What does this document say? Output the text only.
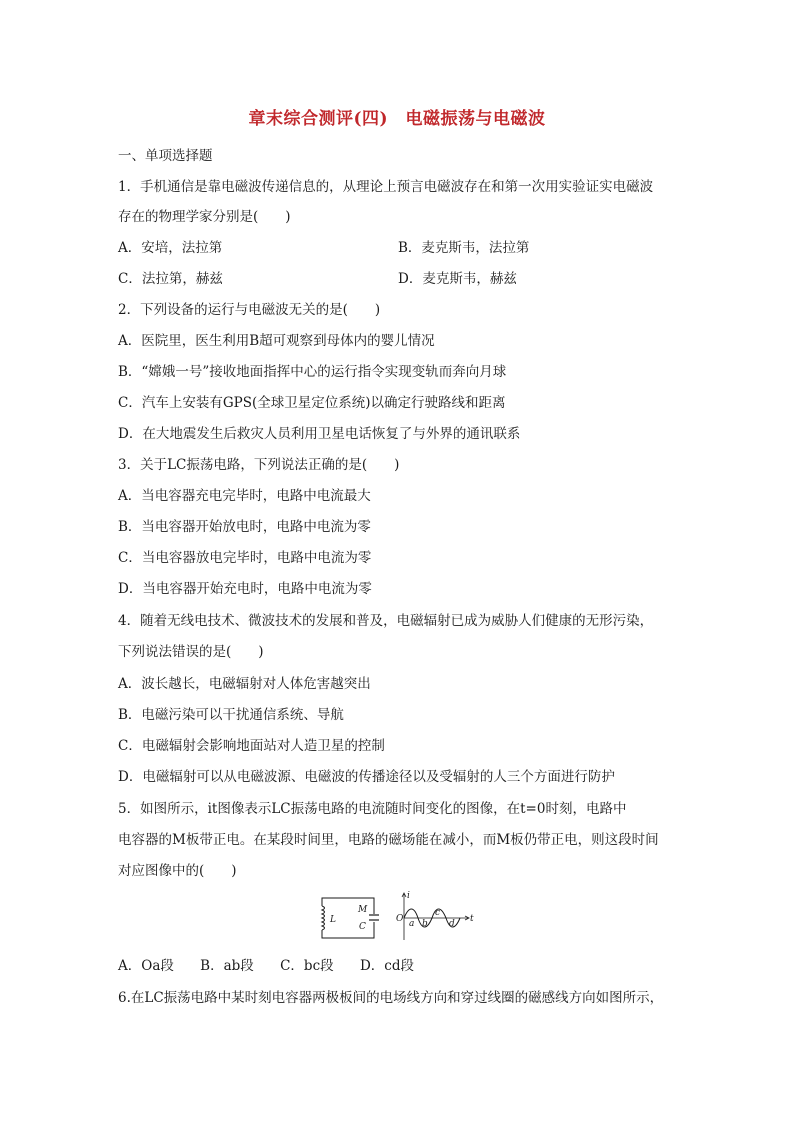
章末综合测评(四)　电磁振荡与电磁波
一、单项选择题
1．手机通信是靠电磁波传递信息的，从理论上预言电磁波存在和第一次用实验证实电磁波
存在的物理学家分别是(　　)
A．安培，法拉第	B．麦克斯韦，法拉第
C．法拉第，赫兹	D．麦克斯韦，赫兹
2．下列设备的运行与电磁波无关的是(　　)
A．医院里，医生利用B超可观察到母体内的婴儿情况
B．“嫦娥一号”接收地面指挥中心的运行指令实现变轨而奔向月球
C．汽车上安装有GPS(全球卫星定位系统)以确定行驶路线和距离
D．在大地震发生后救灾人员利用卫星电话恢复了与外界的通讯联系
3．关于LC振荡电路，下列说法正确的是(　　)
A．当电容器充电完毕时，电路中电流最大
B．当电容器开始放电时，电路中电流为零
C．当电容器放电完毕时，电路中电流为零
D．当电容器开始充电时，电路中电流为零
4．随着无线电技术、微波技术的发展和普及，电磁辐射已成为威胁人们健康的无形污染，
下列说法错误的是(　　)
A．波长越长，电磁辐射对人体危害越突出
B．电磁污染可以干扰通信系统、导航
C．电磁辐射会影响地面站对人造卫星的控制
D．电磁辐射可以从电磁波源、电磁波的传播途径以及受辐射的人三个方面进行防护
5．如图所示，it图像表示LC振荡电路的电流随时间变化的图像，在t=0时刻，电路中
电容器的M板带正电。在某段时间里，电路的磁场能在减小，而M板仍带正电，则这段时间
对应图像中的(　　)
L
M
C
i
t
O a b
c
d
A．Oa段 B．ab段 C．bc段 D．cd段
6.在LC振荡电路中某时刻电容器两极板间的电场线方向和穿过线圈的磁感线方向如图所示，
